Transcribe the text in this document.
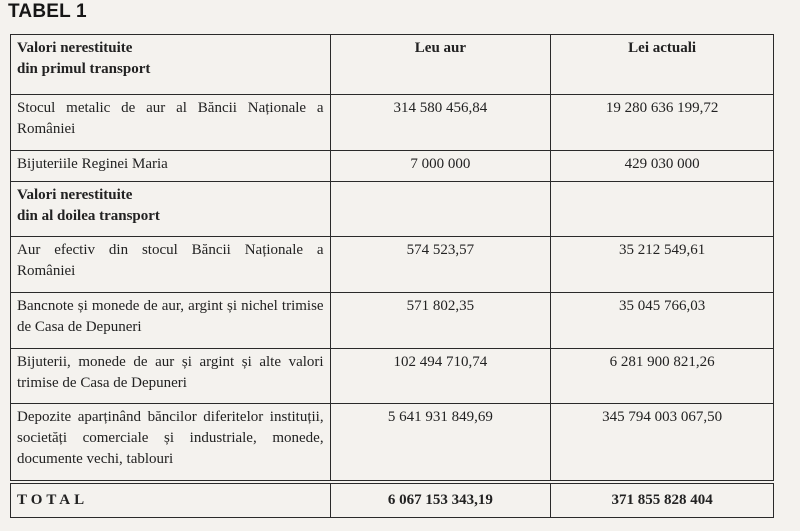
TABEL 1
Valori nerestituite
din primul transport	Leu aur	Lei actuali
Stocul metalic de aur al Băncii Naționale a României	314 580 456,84	19 280 636 199,72
Bijuteriile Reginei Maria	7 000 000	429 030 000

Valori nerestituite
din al doilea transport		

Aur efectiv din stocul Băncii Naționale a României	574 523,57	35 212 549,61
Bancnote și monede de aur, argint și nichel trimise de Casa de Depuneri	571 802,35	35 045 766,03
Bijuterii, monede de aur și argint și alte valori trimise de Casa de Depuneri	102 494 710,74	6 281 900 821,26
Depozite aparținând băncilor diferitelor instituții, societăți comerciale și industriale, monede, documente vechi, tablouri	5 641 931 849,69	345 794 003 067,50
TOTAL	6 067 153 343,19	371 855 828 404
